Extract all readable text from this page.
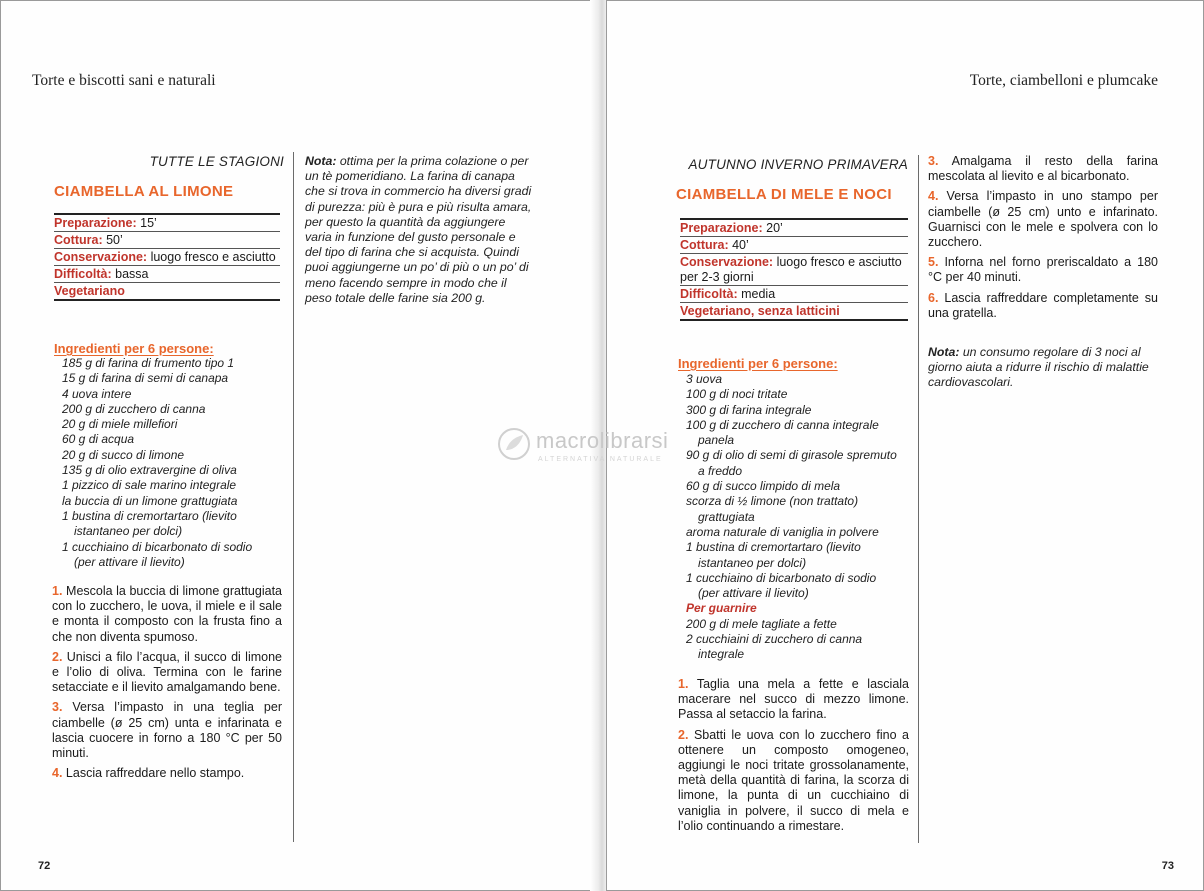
Torte e biscotti sani e naturali
TUTTE LE STAGIONI
CIAMBELLA AL LIMONE
Preparazione: 15’
Cottura: 50’
Conservazione: luogo fresco e asciutto
Difficoltà: bassa
Vegetariano
Ingredienti per 6 persone:
185 g di farina di frumento tipo 1
15 g di farina di semi di canapa
4 uova intere
200 g di zucchero di canna
20 g di miele millefiori
60 g di acqua
20 g di succo di limone
135 g di olio extravergine di oliva
1 pizzico di sale marino integrale
la buccia di un limone grattugiata
1 bustina di cremortartaro (lievito
istantaneo per dolci)
1 cucchiaino di bicarbonato di sodio
(per attivare il lievito)
1. Mescola la buccia di limone grattugiata con lo zucchero, le uova, il miele e il sale e monta il composto con la frusta fino a che non diventa spumoso.
2. Unisci a filo l’acqua, il succo di limone e l’olio di oliva. Termina con le farine setacciate e il lievito amalgamando bene.
3. Versa l’impasto in una teglia per ciambelle (ø 25 cm) unta e infarinata e lascia cuocere in forno a 180 °C per 50 minuti.
4. Lascia raffreddare nello stampo.
Nota: ottima per la prima colazione o per un tè pomeridiano. La farina di canapa che si trova in commercio ha diversi gradi di purezza: più è pura e più risulta amara, per questo la quantità da aggiungere varia in funzione del gusto personale e del tipo di farina che si acquista. Quindi puoi aggiungerne un po’ di più o un po’ di meno facendo sempre in modo che il peso totale delle farine sia 200 g.
72
Torte, ciambelloni e plumcake
AUTUNNO INVERNO PRIMAVERA
CIAMBELLA DI MELE E NOCI
Preparazione: 20’
Cottura: 40’
Conservazione: luogo fresco e asciutto per 2-3 giorni
Difficoltà: media
Vegetariano, senza latticini
Ingredienti per 6 persone:
3 uova
100 g di noci tritate
300 g di farina integrale
100 g di zucchero di canna integrale
panela
90 g di olio di semi di girasole spremuto
a freddo
60 g di succo limpido di mela
scorza di ½ limone (non trattato)
grattugiata
aroma naturale di vaniglia in polvere
1 bustina di cremortartaro (lievito
istantaneo per dolci)
1 cucchiaino di bicarbonato di sodio
(per attivare il lievito)
Per guarnire
200 g di mele tagliate a fette
2 cucchiaini di zucchero di canna
integrale
1. Taglia una mela a fette e lasciala macerare nel succo di mezzo limone. Passa al setaccio la farina.
2. Sbatti le uova con lo zucchero fino a ottenere un composto omogeneo, aggiungi le noci tritate grossolanamente, metà della quantità di farina, la scorza di limone, la punta di un cucchiaino di vaniglia in polvere, il succo di mela e l’olio continuando a rimestare.
3. Amalgama il resto della farina mescolata al lievito e al bicarbonato.
4. Versa l’impasto in uno stampo per ciambelle (ø 25 cm) unto e infarinato. Guarnisci con le mele e spolvera con lo zucchero.
5. Inforna nel forno preriscaldato a 180 °C per 40 minuti.
6. Lascia raffreddare completamente su una gratella.
Nota: un consumo regolare di 3 noci al giorno aiuta a ridurre il rischio di malattie cardiovascolari.
73
macrolibrarsi
ALTERNATIVA NATURALE
